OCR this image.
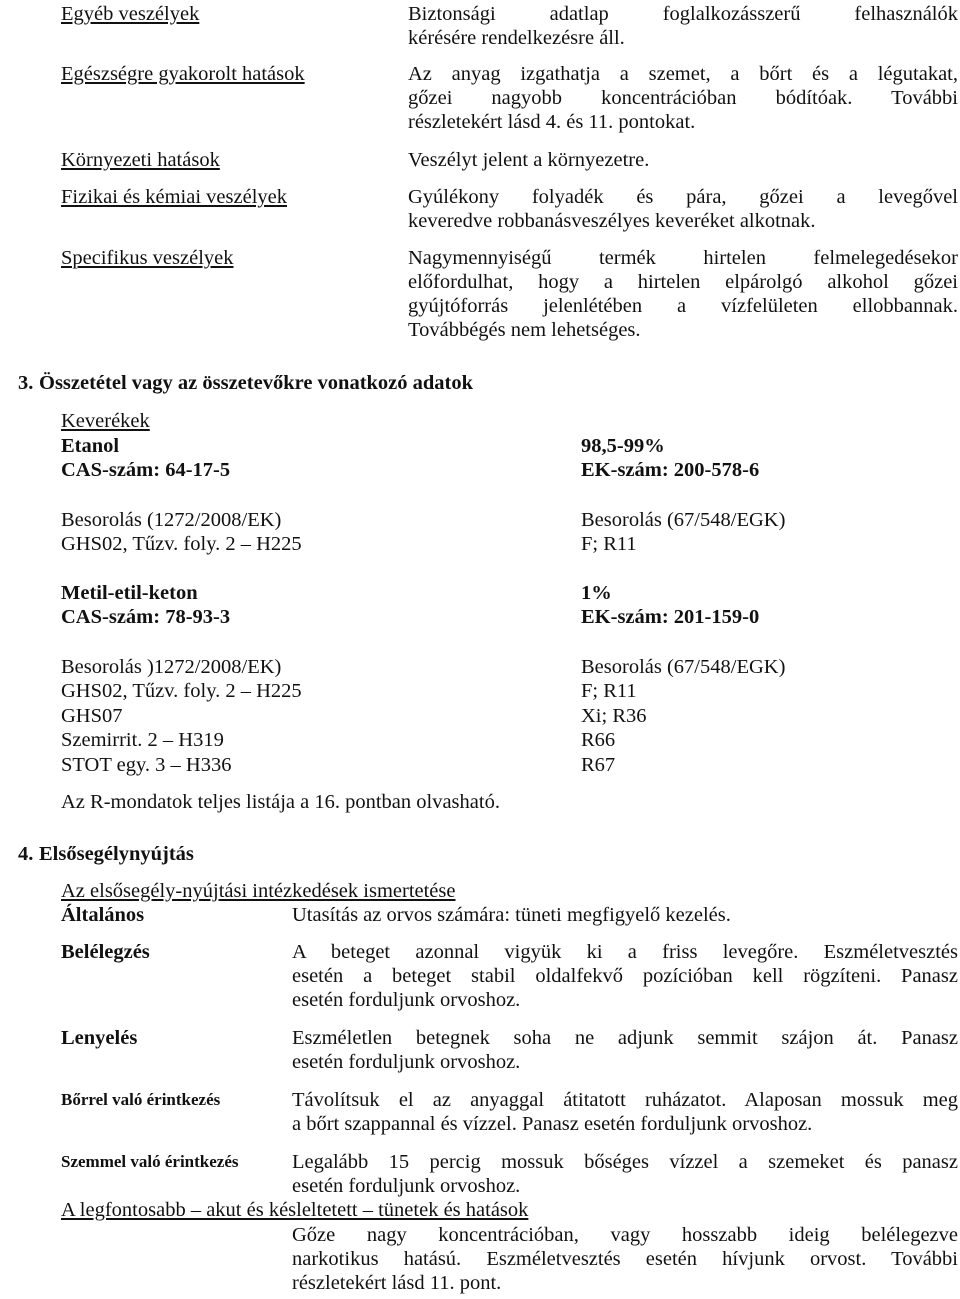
Egyéb veszélyek	Biztonsági adatlap foglalkozásszerű felhasználók
kérésére rendelkezésre áll.
Egészségre gyakorolt hatások	Az anyag izgathatja a szemet, a bőrt és a légutakat,
gőzei nagyobb koncentrációban bódítóak. További
részletekért lásd 4. és 11. pontokat.
Környezeti hatások	Veszélyt jelent a környezetre.
Fizikai és kémiai veszélyek	Gyúlékony folyadék és pára, gőzei a levegővel
keveredve robbanásveszélyes keveréket alkotnak.
Specifikus veszélyek	Nagymennyiségű termék hirtelen felmelegedésekor
előfordulhat, hogy a hirtelen elpárolgó alkohol gőzei
gyújtóforrás jelenlétében a vízfelületen ellobbannak.
Továbbégés nem lehetséges.
3. Összetétel vagy az összetevőkre vonatkozó adatok
Keverékek
Etanol	98,5-99%
CAS-szám: 64-17-5	EK-szám: 200-578-6
Besorolás (1272/2008/EK)	Besorolás (67/548/EGK)
GHS02, Tűzv. foly. 2 – H225	F; R11
Metil-etil-keton	1%
CAS-szám: 78-93-3	EK-szám: 201-159-0
Besorolás )1272/2008/EK)	Besorolás (67/548/EGK)
GHS02, Tűzv. foly. 2 – H225	F; R11
GHS07	Xi; R36
Szemirrit. 2 – H319	R66
STOT egy. 3 – H336	R67
Az R-mondatok teljes listája a 16. pontban olvasható.
4. Elsősegélynyújtás
Az elsősegély-nyújtási intézkedések ismertetése
Általános	Utasítás az orvos számára: tüneti megfigyelő kezelés.
Belélegzés	A beteget azonnal vigyük ki a friss levegőre. Eszméletvesztés
esetén a beteget stabil oldalfekvő pozícióban kell rögzíteni. Panasz
esetén forduljunk orvoshoz.
Lenyelés	Eszméletlen betegnek soha ne adjunk semmit szájon át. Panasz
esetén forduljunk orvoshoz.
Bőrrel való érintkezés	Távolítsuk el az anyaggal átitatott ruházatot. Alaposan mossuk meg
a bőrt szappannal és vízzel. Panasz esetén forduljunk orvoshoz.
Szemmel való érintkezés	Legalább 15 percig mossuk bőséges vízzel a szemeket és panasz
esetén forduljunk orvoshoz.
A legfontosabb – akut és késleltetett – tünetek és hatások
Gőze nagy koncentrációban, vagy hosszabb ideig belélegezve
narkotikus hatású. Eszméletvesztés esetén hívjunk orvost. További
részletekért lásd 11. pont.
